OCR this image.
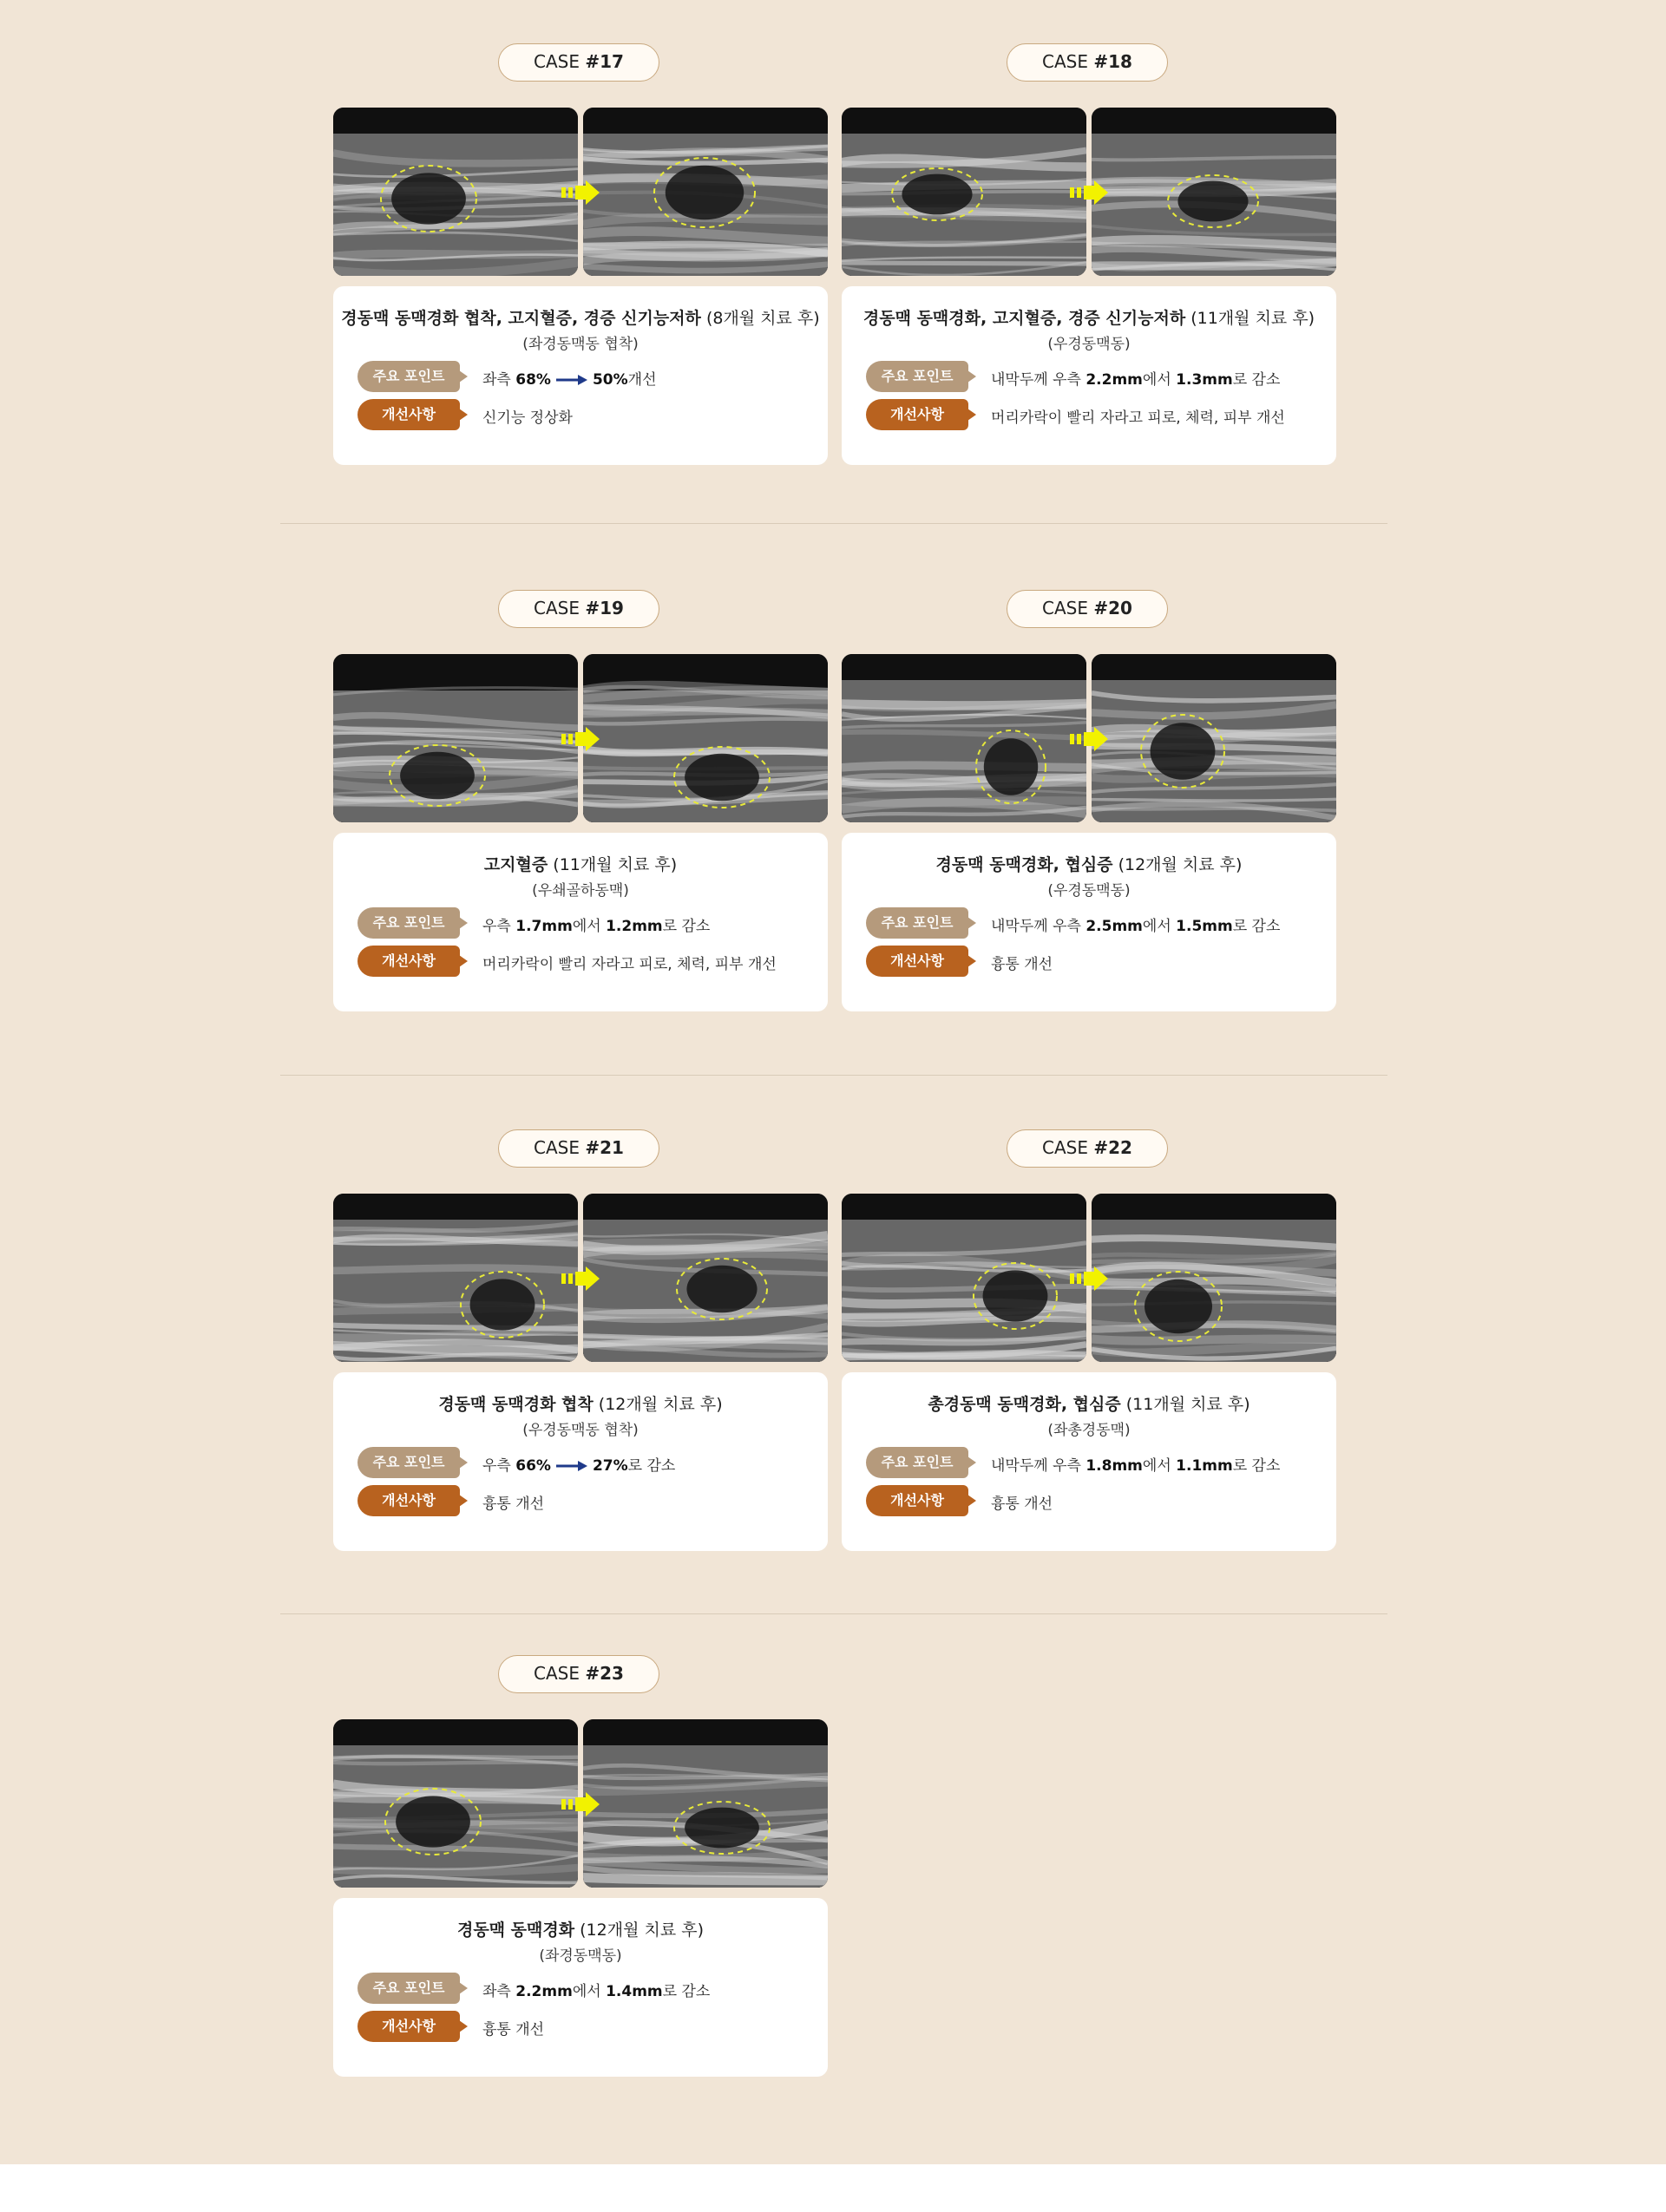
CASE #17
경동맥 동맥경화 협착, 고지혈증, 경증 신기능저하 (8개월 치료 후)
(좌경동맥동 협착)
주요 포인트	좌측 68%	50%개선
개선사항	신기능 정상화
CASE #18
경동맥 동맥경화, 고지혈증, 경증 신기능저하 (11개월 치료 후)
(우경동맥동)
주요 포인트	내막두께 우측 2.2mm에서 1.3mm로 감소
개선사항	머리카락이 빨리 자라고 피로, 체력, 피부 개선
CASE #19
고지혈증 (11개월 치료 후)
(우쇄골하동맥)
주요 포인트	우측 1.7mm에서 1.2mm로 감소
개선사항	머리카락이 빨리 자라고 피로, 체력, 피부 개선
CASE #20
경동맥 동맥경화, 협심증 (12개월 치료 후)
(우경동맥동)
주요 포인트	내막두께 우측 2.5mm에서 1.5mm로 감소
개선사항	흉통 개선
CASE #21
경동맥 동맥경화 협착 (12개월 치료 후)
(우경동맥동 협착)
주요 포인트	우측 66%	27%로 감소
개선사항	흉통 개선
CASE #22
총경동맥 동맥경화, 협심증 (11개월 치료 후)
(좌총경동맥)
주요 포인트	내막두께 우측 1.8mm에서 1.1mm로 감소
개선사항	흉통 개선
CASE #23
경동맥 동맥경화 (12개월 치료 후)
(좌경동맥동)
주요 포인트	좌측 2.2mm에서 1.4mm로 감소
개선사항	흉통 개선
